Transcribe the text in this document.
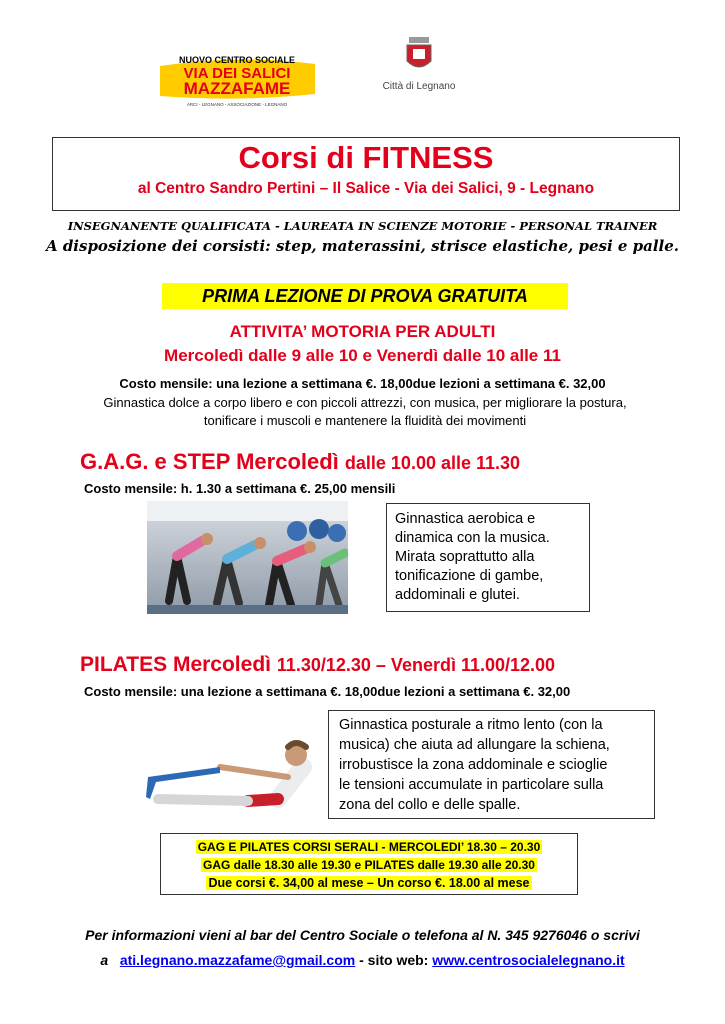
NUOVO CENTRO SOCIALE
VIA DEI SALICI
MAZZAFAME
ARCI - LEGNANO - ASSOCIAZIONE - LEGNANO
Città di Legnano
Corsi di FITNESS
al Centro Sandro Pertini – Il Salice - Via dei Salici, 9 - Legnano
INSEGNANENTE QUALIFICATA - LAUREATA IN SCIENZE MOTORIE - PERSONAL TRAINER
A disposizione dei corsisti: step, materassini, strisce elastiche, pesi e palle.
PRIMA LEZIONE DI PROVA GRATUITA
ATTIVITA’ MOTORIA PER ADULTI
Mercoledì dalle 9 alle 10 e Venerdì dalle 10 alle 11
Costo mensile: una lezione a settimana €. 18,00due lezioni a settimana €. 32,00
Ginnastica dolce a corpo libero e con piccoli attrezzi, con musica, per migliorare la postura,
tonificare i muscoli e mantenere la fluidità dei movimenti
G.A.G. e STEP Mercoledì dalle 10.00 alle 11.30
Costo mensile: h. 1.30 a settimana €. 25,00 mensili
Ginnastica aerobica e
dinamica con la musica.
Mirata soprattutto alla
tonificazione di gambe,
addominali e glutei.
PILATES Mercoledì 11.30/12.30 – Venerdì 11.00/12.00
Costo mensile: una lezione a settimana €. 18,00due lezioni a settimana €. 32,00
Ginnastica posturale a ritmo lento (con la
musica) che aiuta ad allungare la schiena,
irrobustisce la zona addominale e scioglie
le tensioni accumulate in particolare sulla
zona del collo e delle spalle.
GAG E PILATES CORSI SERALI - MERCOLEDI’ 18.30 – 20.30
GAG dalle 18.30 alle 19.30 e PILATES dalle 19.30 alle 20.30
Due corsi €. 34,00 al mese – Un corso €. 18.00 al mese
Per informazioni vieni al bar del Centro Sociale o telefona al N. 345 9276046 o scrivi
a ati.legnano.mazzafame@gmail.com - sito web: www.centrosocialelegnano.it
